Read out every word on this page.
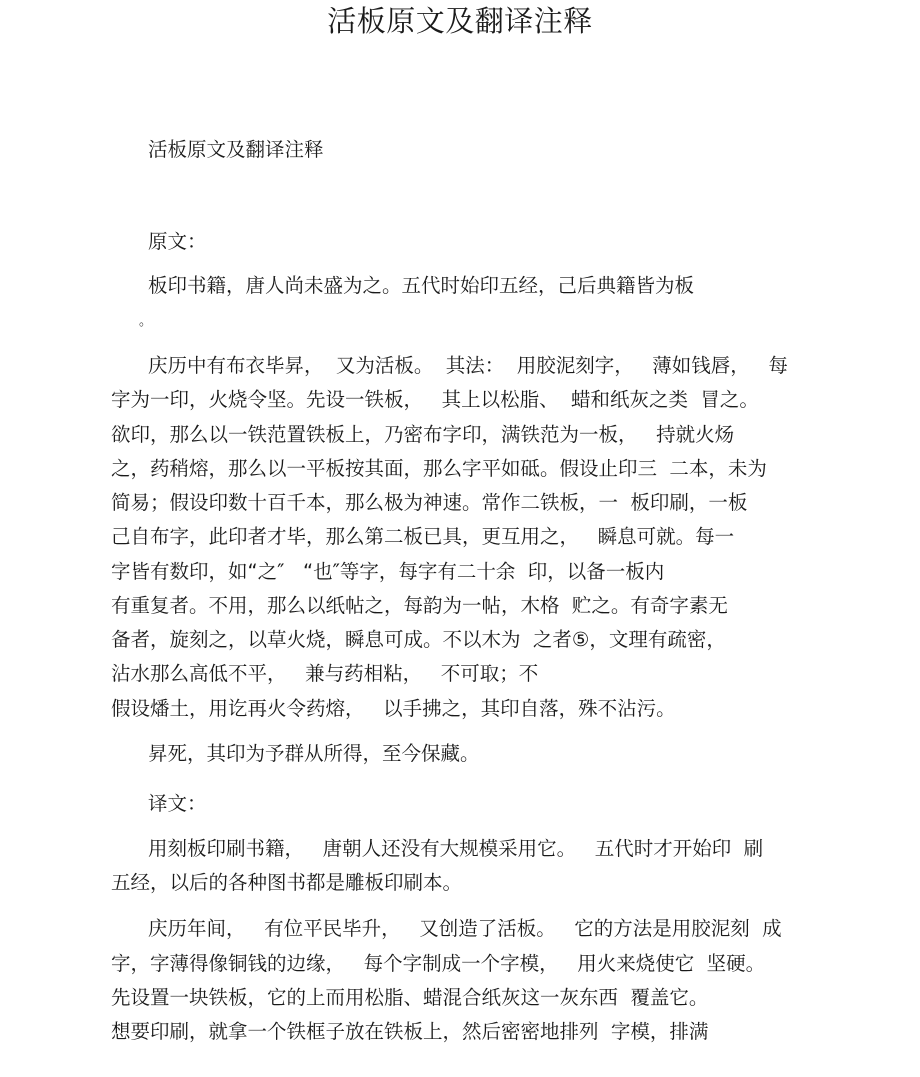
活板原文及翻译注释
活板原文及翻译注释
原文：
板印书籍，唐人尚未盛为之。五代时始印五经，己后典籍皆为板
。
庆历中有布衣毕昇，  又为活板。  其法：  用胶泥刻字，   薄如钱唇，   每
字为一印，火烧令坚。先设一铁板，   其上以松脂、  蜡和纸灰之类  冒之。
欲印，那么以一铁范置铁板上，乃密布字印，满铁范为一板，   持就火炀
之，药稍熔，那么以一平板按其面，那么字平如砥。假设止印三  二本，未为
简易；假设印数十百千本，那么极为神速。常作二铁板，一  板印刷，一板
己自布字，此印者才毕，那么第二板已具，更互用之，   瞬息可就。每一
字皆有数印，如“之″   “也″等字，每字有二十余  印，以备一板内
有重复者。不用，那么以纸帖之，每韵为一帖，木格  贮之。有奇字素无
备者，旋刻之，以草火烧，瞬息可成。不以木为  之者⑤，文理有疏密，
沾水那么高低不平，   兼与药相粘，   不可取；不
假设燔土，用讫再火令药熔，   以手拂之，其印自落，殊不沾污。
昇死，其印为予群从所得，至今保藏。
译文：
用刻板印刷书籍，   唐朝人还没有大规模采用它。   五代时才开始印  刷
五经，以后的各种图书都是雕板印刷本。
庆历年间，   有位平民毕升，   又创造了活板。   它的方法是用胶泥刻  成
字，字薄得像铜钱的边缘，   每个字制成一个字模，   用火来烧使它  坚硬。
先设置一块铁板，它的上而用松脂、蜡混合纸灰这一灰东西  覆盖它。
想要印刷，就拿一个铁框子放在铁板上，然后密密地排列  字模，排满
